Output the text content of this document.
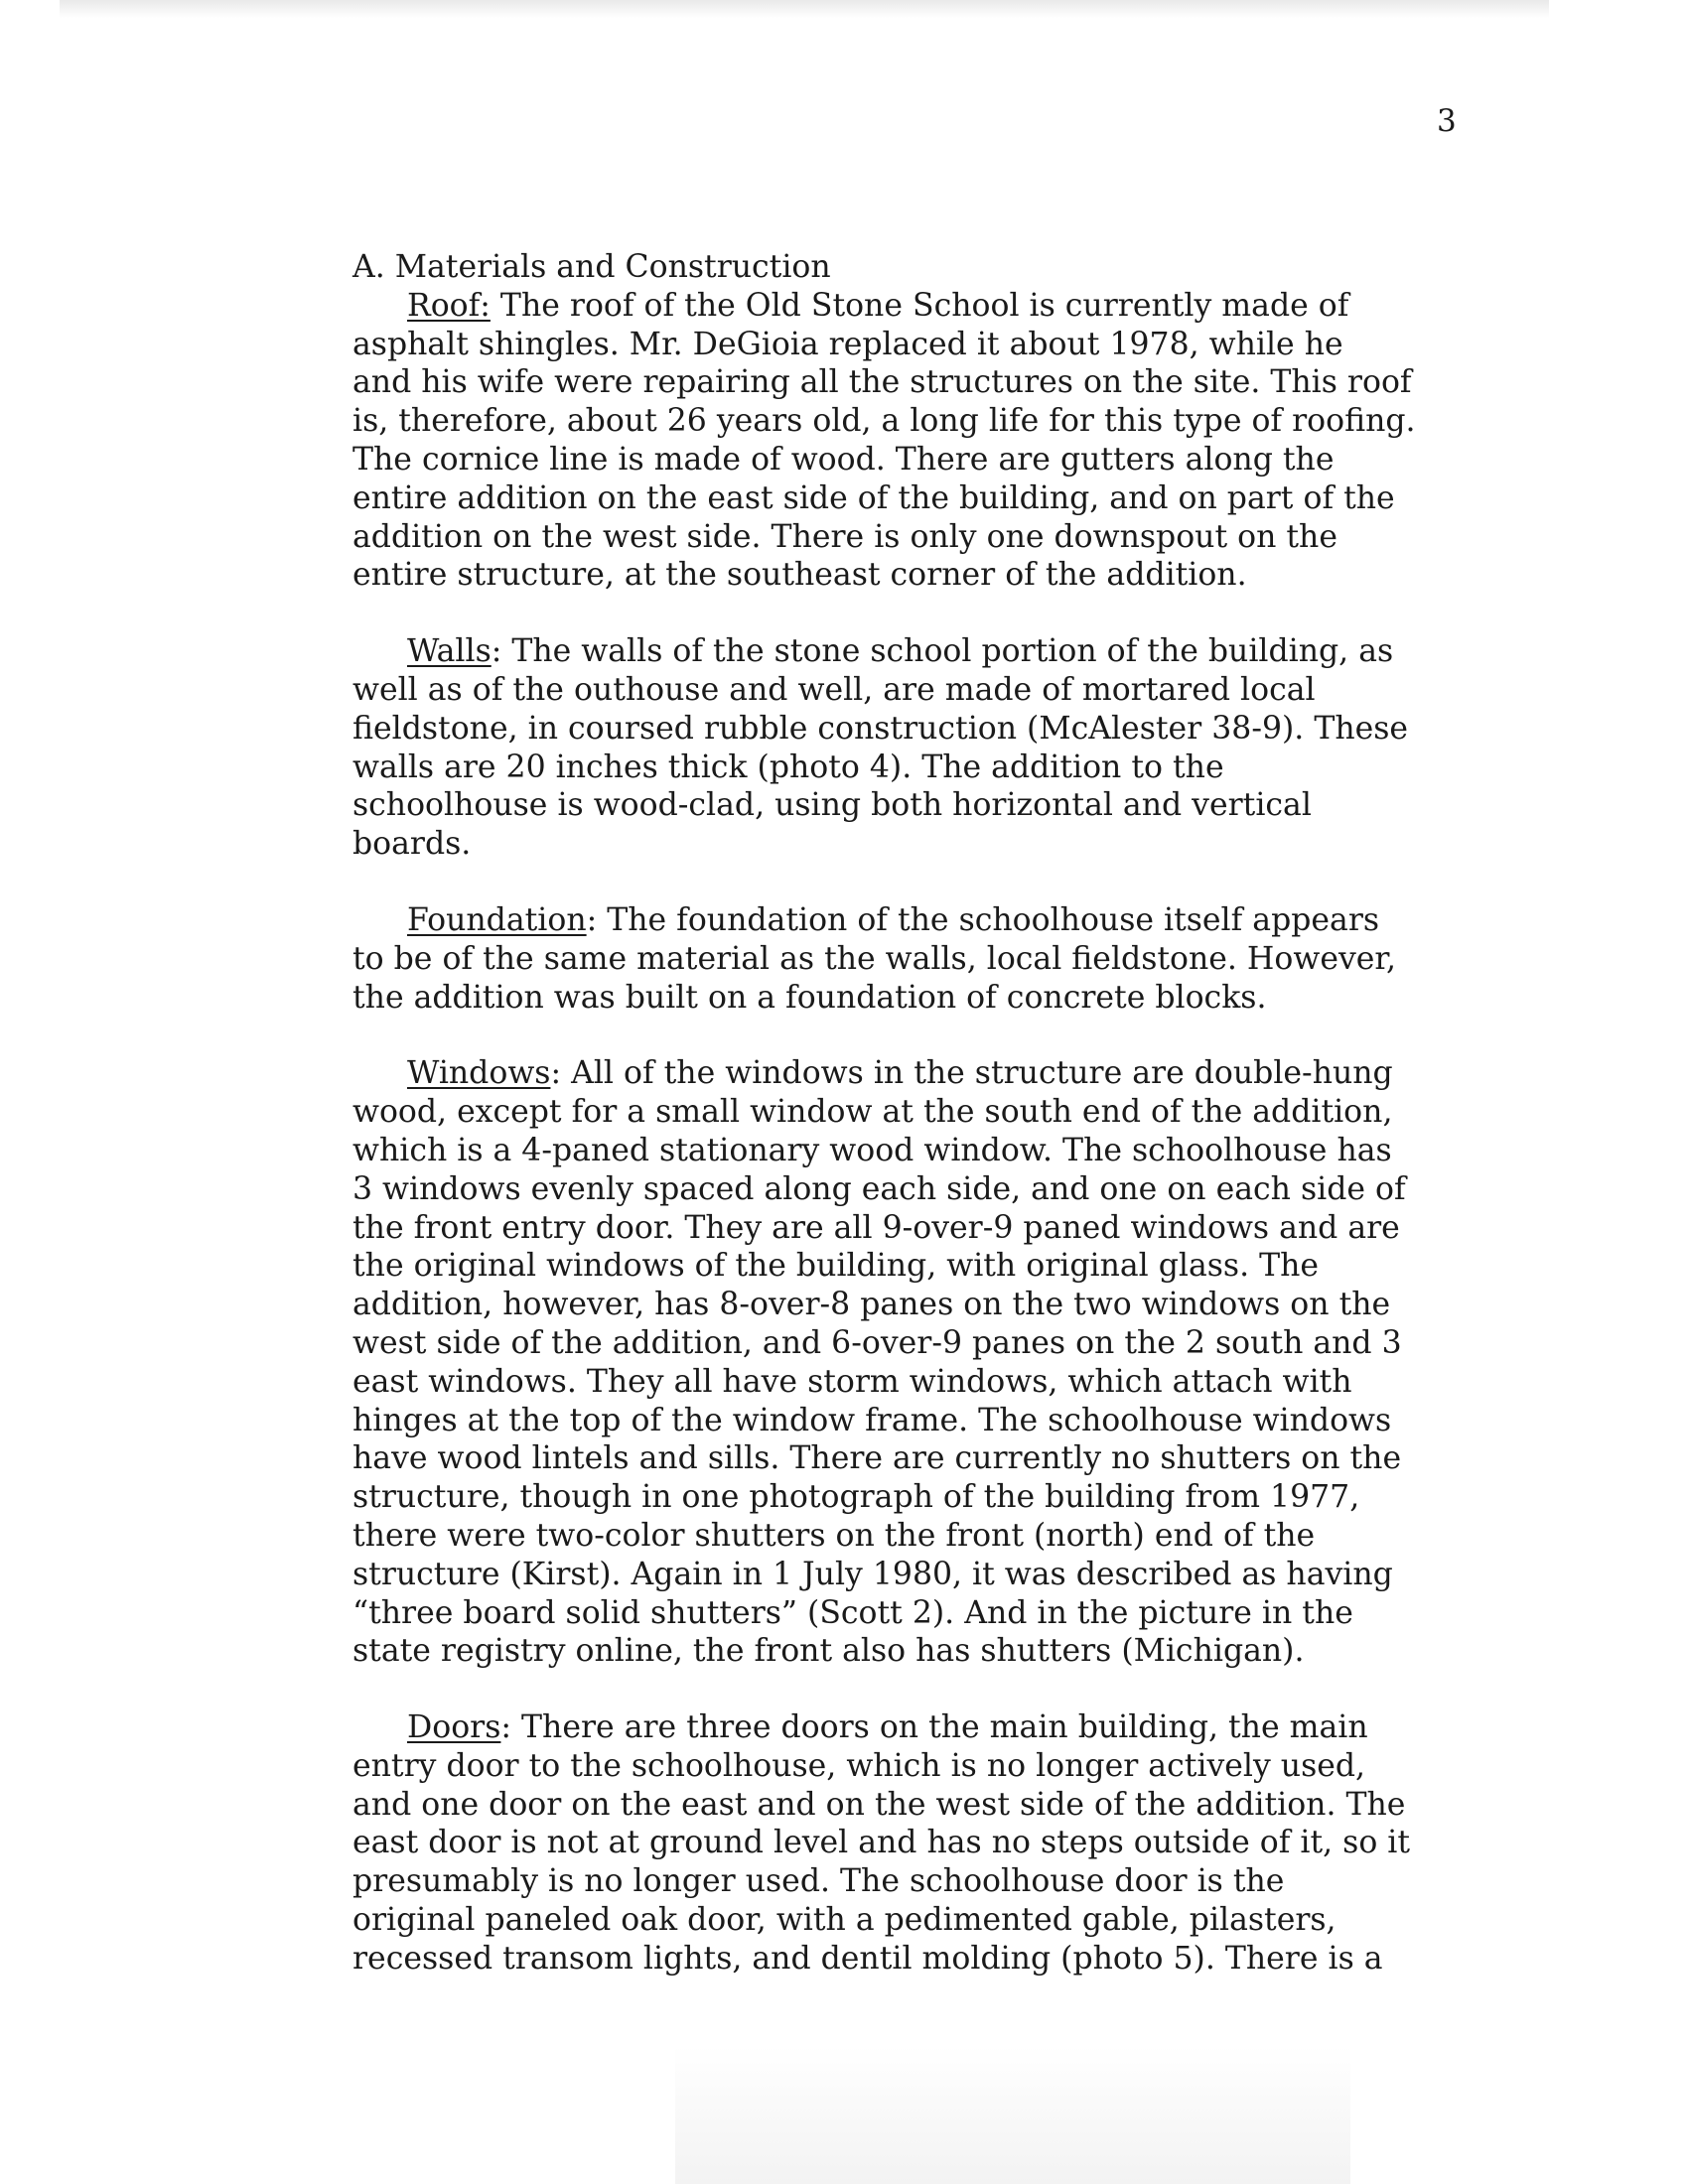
3
A. Materials and Construction
Roof: The roof of the Old Stone School is currently made of
asphalt shingles. Mr. DeGioia replaced it about 1978, while he
and his wife were repairing all the structures on the site. This roof
is, therefore, about 26 years old, a long life for this type of roofing.
The cornice line is made of wood. There are gutters along the
entire addition on the east side of the building, and on part of the
addition on the west side. There is only one downspout on the
entire structure, at the southeast corner of the addition.
Walls: The walls of the stone school portion of the building, as
well as of the outhouse and well, are made of mortared local
fieldstone, in coursed rubble construction (McAlester 38-9). These
walls are 20 inches thick (photo 4). The addition to the
schoolhouse is wood-clad, using both horizontal and vertical
boards.
Foundation: The foundation of the schoolhouse itself appears
to be of the same material as the walls, local fieldstone. However,
the addition was built on a foundation of concrete blocks.
Windows: All of the windows in the structure are double-hung
wood, except for a small window at the south end of the addition,
which is a 4-paned stationary wood window. The schoolhouse has
3 windows evenly spaced along each side, and one on each side of
the front entry door. They are all 9-over-9 paned windows and are
the original windows of the building, with original glass. The
addition, however, has 8-over-8 panes on the two windows on the
west side of the addition, and 6-over-9 panes on the 2 south and 3
east windows. They all have storm windows, which attach with
hinges at the top of the window frame. The schoolhouse windows
have wood lintels and sills. There are currently no shutters on the
structure, though in one photograph of the building from 1977,
there were two-color shutters on the front (north) end of the
structure (Kirst). Again in 1 July 1980, it was described as having
“three board solid shutters” (Scott 2). And in the picture in the
state registry online, the front also has shutters (Michigan).
Doors: There are three doors on the main building, the main
entry door to the schoolhouse, which is no longer actively used,
and one door on the east and on the west side of the addition. The
east door is not at ground level and has no steps outside of it, so it
presumably is no longer used. The schoolhouse door is the
original paneled oak door, with a pedimented gable, pilasters,
recessed transom lights, and dentil molding (photo 5). There is a
